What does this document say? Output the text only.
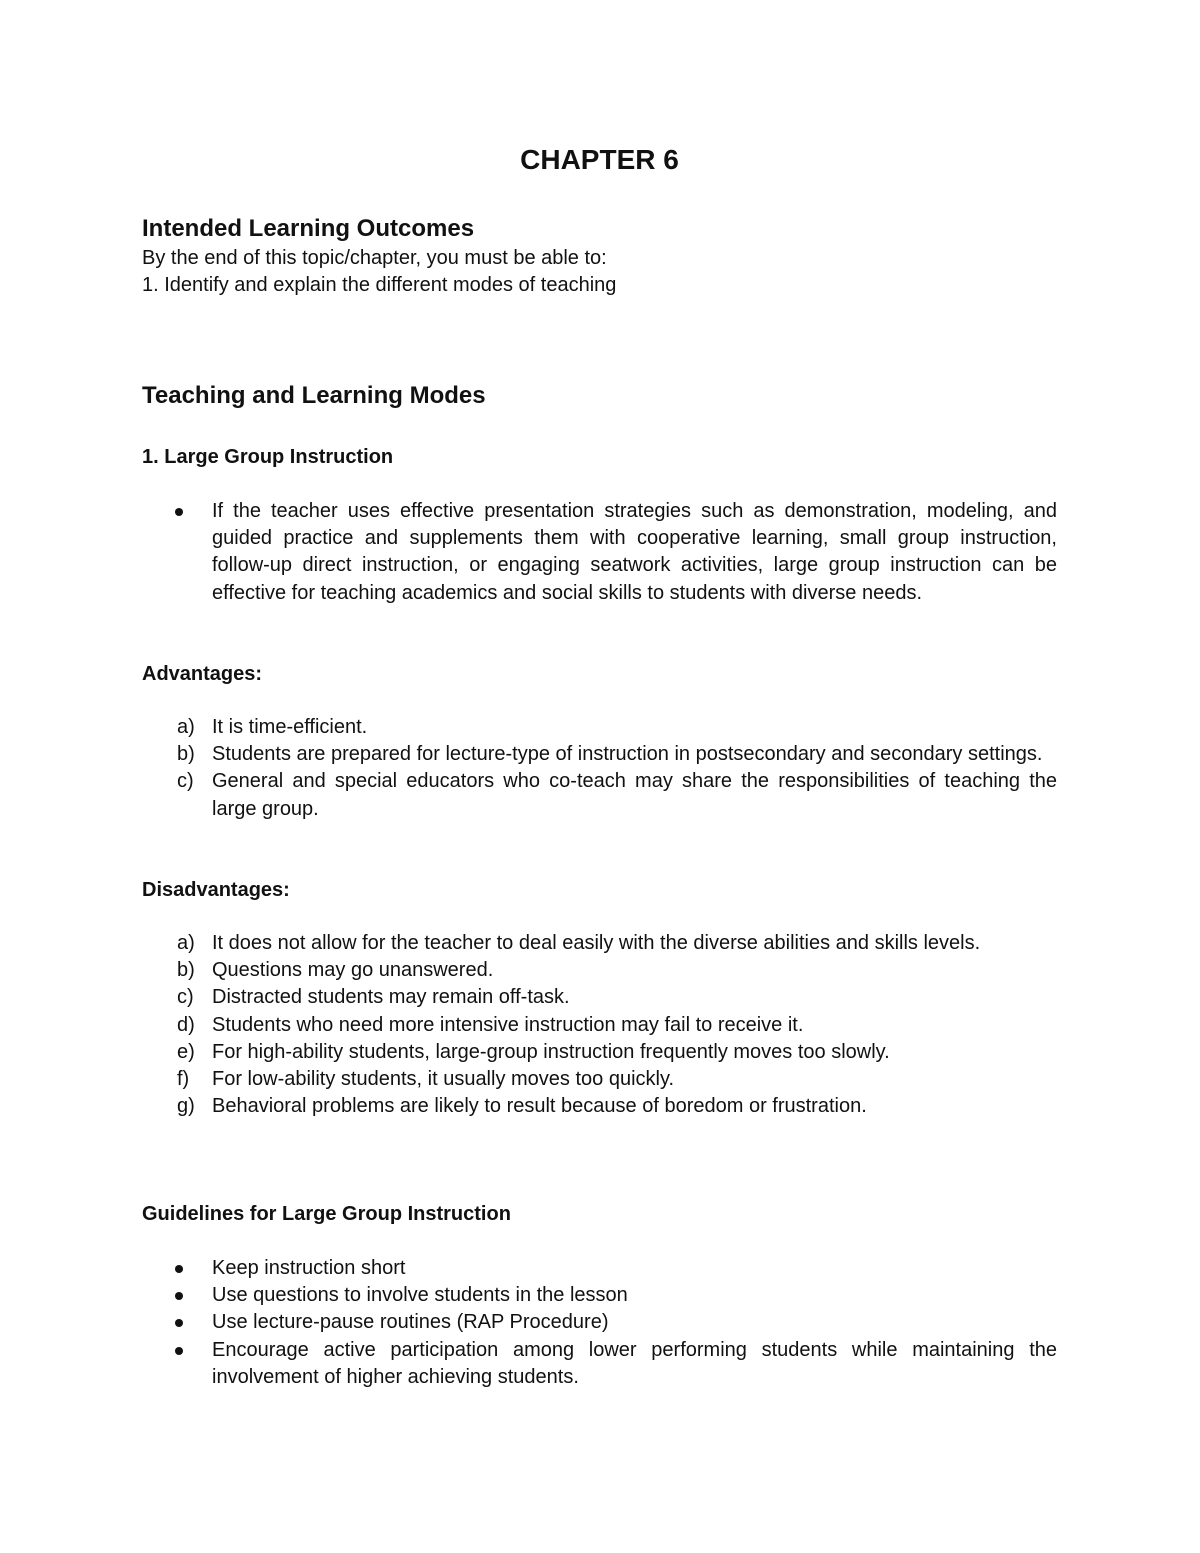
CHAPTER 6
Intended Learning Outcomes

By the end of this topic/chapter, you must be able to:

1. Identify and explain the different modes of teaching

Teaching and Learning Modes

1. Large Group Instruction

If the teacher uses effective presentation strategies such as demonstration, modeling, and guided practice and supplements them with cooperative learning, small group instruction, follow-up direct instruction, or engaging seatwork activities, large group instruction can be effective for teaching academics and social skills to students with diverse needs.

Advantages:

a) It is time-efficient.

b) Students are prepared for lecture-type of instruction in postsecondary and secondary settings.

c) General and special educators who co-teach may share the responsibilities of teaching the large group.

Disadvantages:

a) It does not allow for the teacher to deal easily with the diverse abilities and skills levels.

b) Questions may go unanswered.

c) Distracted students may remain off-task.

d) Students who need more intensive instruction may fail to receive it.

e) For high-ability students, large-group instruction frequently moves too slowly.

f) For low-ability students, it usually moves too quickly.

g) Behavioral problems are likely to result because of boredom or frustration.

Guidelines for Large Group Instruction

Keep instruction short

Use questions to involve students in the lesson

Use lecture-pause routines (RAP Procedure)

Encourage active participation among lower performing students while maintaining the involvement of higher achieving students.
